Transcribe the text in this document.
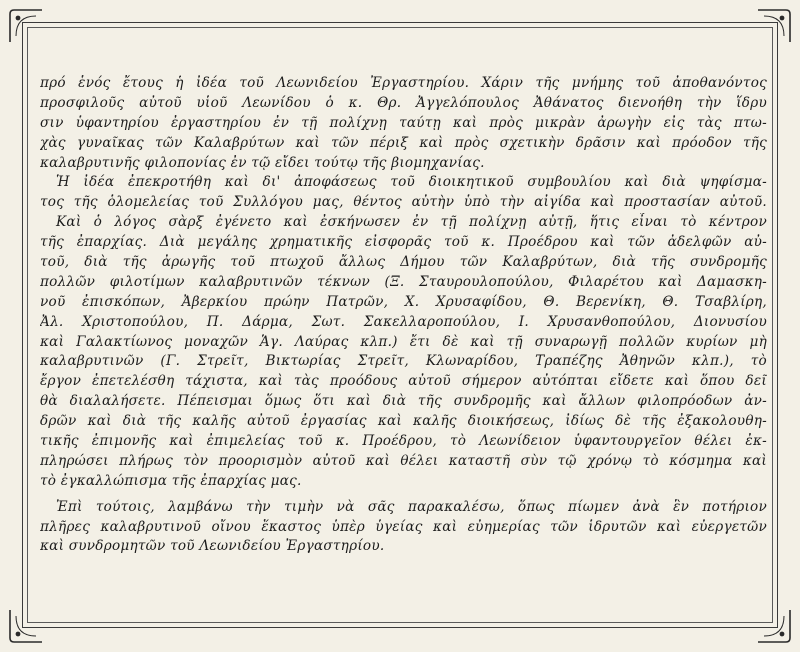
πρό ἑνός ἔτους ἡ ἰδέα τοῦ Λεωνιδείου Ἐργαστηρίου. Χάριν τῆς μνήμης τοῦ ἀποθανόντος
προσφιλοῦς αὐτοῦ υἱοῦ Λεωνίδου ὁ κ. Θρ. Ἀγγελόπουλος Ἀθάνατος διενοήθη τὴν ἵδρυ
σιν ὑφαντηρίου ἐργαστηρίου ἐν τῇ πολίχνῃ ταύτῃ καὶ πρὸς μικρὰν ἀρωγὴν εἰς τὰς πτω-
χὰς γυναῖκας τῶν Καλαβρύτων καὶ τῶν πέριξ καὶ πρὸς σχετικὴν δρᾶσιν καὶ πρόοδον τῆς
καλαβρυτινῆς φιλοπονίας ἐν τῷ εἴδει τούτῳ τῆς βιομηχανίας.

Ἡ ἰδέα ἐπεκροτήθη καὶ δι' ἀποφάσεως τοῦ διοικητικοῦ συμβουλίου καὶ διὰ ψηφίσμα-
τος τῆς ὁλομελείας τοῦ Συλλόγου μας, θέντος αὐτὴν ὑπὸ τὴν αἰγίδα καὶ προστασίαν αὐτοῦ.

Καὶ ὁ λόγος σὰρξ ἐγένετο καὶ ἐσκήνωσεν ἐν τῇ πολίχνῃ αὐτῇ, ἥτις εἶναι τὸ κέντρον
τῆς ἐπαρχίας. Διὰ μεγάλης χρηματικῆς εἰσφορᾶς τοῦ κ. Προέδρου καὶ τῶν ἀδελφῶν αὐ-
τοῦ, διὰ τῆς ἀρωγῆς τοῦ πτωχοῦ ἄλλως Δήμου τῶν Καλαβρύτων, διὰ τῆς συνδρομῆς
πολλῶν φιλοτίμων καλαβρυτινῶν τέκνων (Ξ. Σταυρουλοπούλου, Φιλαρέτου καὶ Δαμασκη-
νοῦ ἐπισκόπων, Ἀβερκίου πρώην Πατρῶν, Χ. Χρυσαφίδου, Θ. Βερενίκη, Θ. Τσαβλίρη,
Ἀλ. Χριστοπούλου, Π. Δάρμα, Σωτ. Σακελλαροπούλου, Ι. Χρυσανθοπούλου, Διονυσίου
καὶ Γαλακτίωνος μοναχῶν Ἁγ. Λαύρας κλπ.) ἔτι δὲ καὶ τῇ συναρωγῇ πολλῶν κυρίων μὴ
καλαβρυτινῶν (Γ. Στρεῖτ, Βικτωρίας Στρεῖτ, Κλωναρίδου, Τραπέζης Ἀθηνῶν κλπ.), τὸ
ἔργον ἐπετελέσθη τάχιστα, καὶ τὰς προόδους αὐτοῦ σήμερον αὐτόπται εἴδετε καὶ ὅπου δεῖ
θὰ διαλαλήσετε. Πέπεισμαι ὅμως ὅτι καὶ διὰ τῆς συνδρομῆς καὶ ἄλλων φιλοπρόοδων ἀν-
δρῶν καὶ διὰ τῆς καλῆς αὐτοῦ ἐργασίας καὶ καλῆς διοικήσεως, ἰδίως δὲ τῆς ἐξακολουθη-
τικῆς ἐπιμονῆς καὶ ἐπιμελείας τοῦ κ. Προέδρου, τὸ Λεωνίδειον ὑφαντουργεῖον θέλει ἐκ-
πληρώσει πλήρως τὸν προορισμὸν αὐτοῦ καὶ θέλει καταστῆ σὺν τῷ χρόνῳ τὸ κόσμημα καὶ
τὸ ἐγκαλλώπισμα τῆς ἐπαρχίας μας.

Ἐπὶ τούτοις, λαμβάνω τὴν τιμὴν νὰ σᾶς παρακαλέσω, ὅπως πίωμεν ἀνὰ ἓν ποτήριον
πλῆρες καλαβρυτινοῦ οἴνου ἕκαστος ὑπὲρ ὑγείας καὶ εὐημερίας τῶν ἱδρυτῶν καὶ εὐεργετῶν
καὶ συνδρομητῶν τοῦ Λεωνιδείου Ἐργαστηρίου.
